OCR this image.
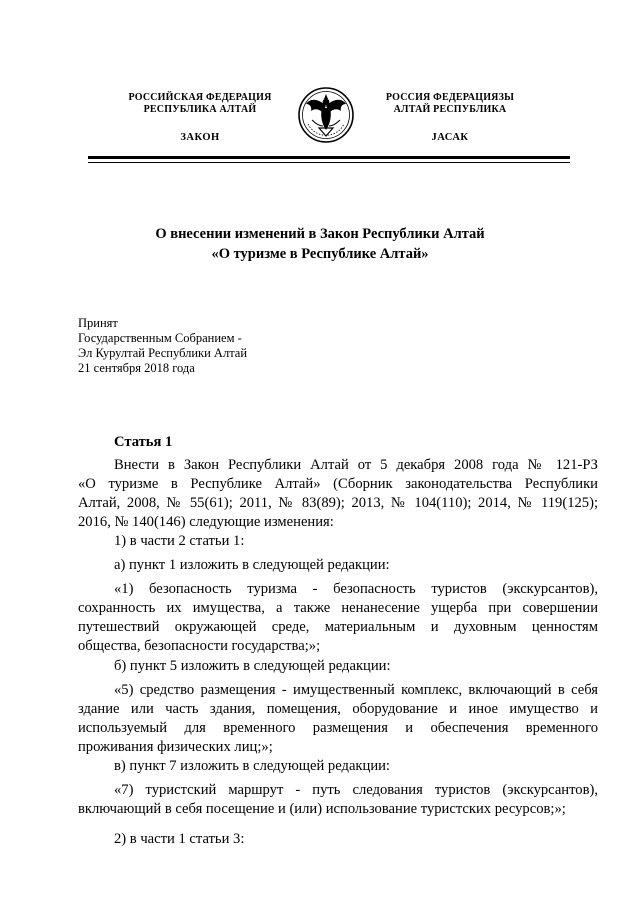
РОССИЙСКАЯ ФЕДЕРАЦИЯ
РЕСПУБЛИКА АЛТАЙ
ЗАКОН
РОССИЯ ФЕДЕРАЦИЯЗЫ
АЛТАЙ РЕСПУБЛИКА
JАСАК
О внесении изменений в Закон Республики Алтай
«О туризме в Республике Алтай»
Принят
Государственным Собранием -
Эл Курултай Республики Алтай
21 сентября 2018 года
Статья 1
Внести в Закон Республики Алтай от 5 декабря 2008 года № 121-РЗ
«О туризме в Республике Алтай» (Сборник законодательства Республики
Алтай, 2008, № 55(61); 2011, № 83(89); 2013, № 104(110); 2014, № 119(125);
2016, № 140(146) следующие изменения:
1) в части 2 статьи 1:
а) пункт 1 изложить в следующей редакции:
«1) безопасность туризма - безопасность туристов (экскурсантов),
сохранность их имущества, а также ненанесение ущерба при совершении
путешествий окружающей среде, материальным и духовным ценностям
общества, безопасности государства;»;
б) пункт 5 изложить в следующей редакции:
«5) средство размещения - имущественный комплекс, включающий в себя
здание или часть здания, помещения, оборудование и иное имущество и
используемый для временного размещения и обеспечения временного
проживания физических лиц;»;
в) пункт 7 изложить в следующей редакции:
«7) туристский маршрут - путь следования туристов (экскурсантов),
включающий в себя посещение и (или) использование туристских ресурсов;»;
2) в части 1 статьи 3:
